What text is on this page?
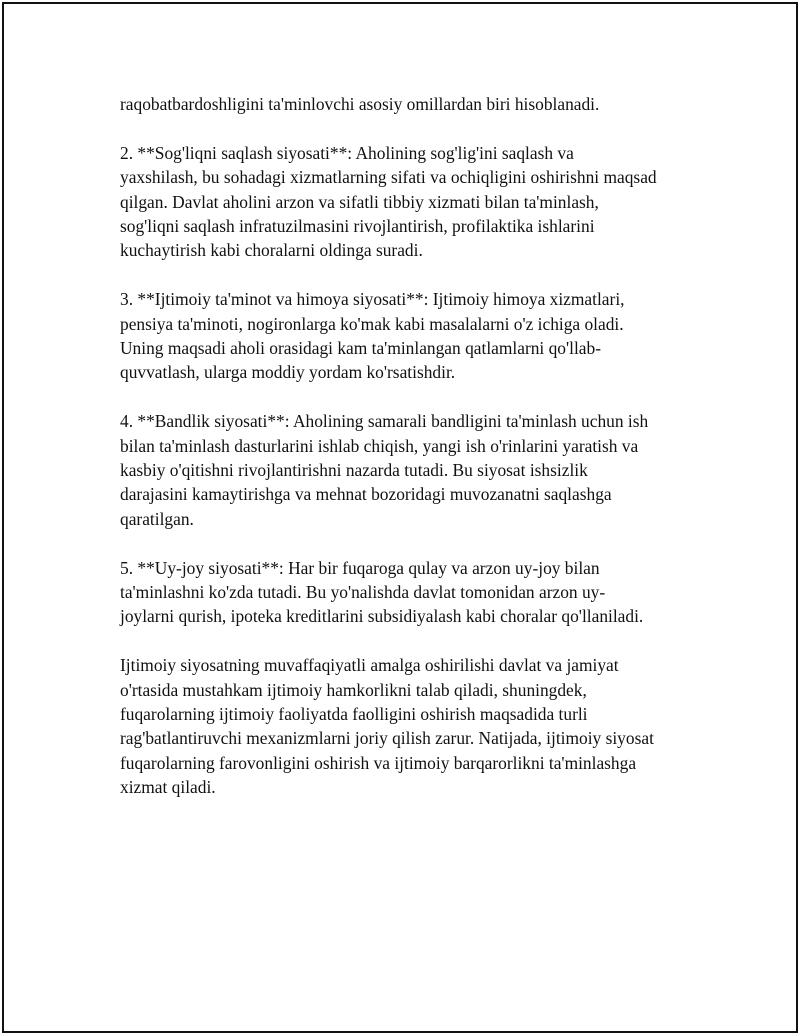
raqobatbardoshligini ta'minlovchi asosiy omillardan biri hisoblanadi.

2. **Sog'liqni saqlash siyosati**: Aholining sog'lig'ini saqlash va
yaxshilash, bu sohadagi xizmatlarning sifati va ochiqligini oshirishni maqsad
qilgan. Davlat aholini arzon va sifatli tibbiy xizmati bilan ta'minlash,
sog'liqni saqlash infratuzilmasini rivojlantirish, profilaktika ishlarini
kuchaytirish kabi choralarni oldinga suradi.

3. **Ijtimoiy ta'minot va himoya siyosati**: Ijtimoiy himoya xizmatlari,
pensiya ta'minoti, nogironlarga ko'mak kabi masalalarni o'z ichiga oladi.
Uning maqsadi aholi orasidagi kam ta'minlangan qatlamlarni qo'llab-
quvvatlash, ularga moddiy yordam ko'rsatishdir.

4. **Bandlik siyosati**: Aholining samarali bandligini ta'minlash uchun ish
bilan ta'minlash dasturlarini ishlab chiqish, yangi ish o'rinlarini yaratish va
kasbiy o'qitishni rivojlantirishni nazarda tutadi. Bu siyosat ishsizlik
darajasini kamaytirishga va mehnat bozoridagi muvozanatni saqlashga
qaratilgan.

5. **Uy-joy siyosati**: Har bir fuqaroga qulay va arzon uy-joy bilan
ta'minlashni ko'zda tutadi. Bu yo'nalishda davlat tomonidan arzon uy-
joylarni qurish, ipoteka kreditlarini subsidiyalash kabi choralar qo'llaniladi.

Ijtimoiy siyosatning muvaffaqiyatli amalga oshirilishi davlat va jamiyat
o'rtasida mustahkam ijtimoiy hamkorlikni talab qiladi, shuningdek,
fuqarolarning ijtimoiy faoliyatda faolligini oshirish maqsadida turli
rag'batlantiruvchi mexanizmlarni joriy qilish zarur. Natijada, ijtimoiy siyosat
fuqarolarning farovonligini oshirish va ijtimoiy barqarorlikni ta'minlashga
xizmat qiladi.
